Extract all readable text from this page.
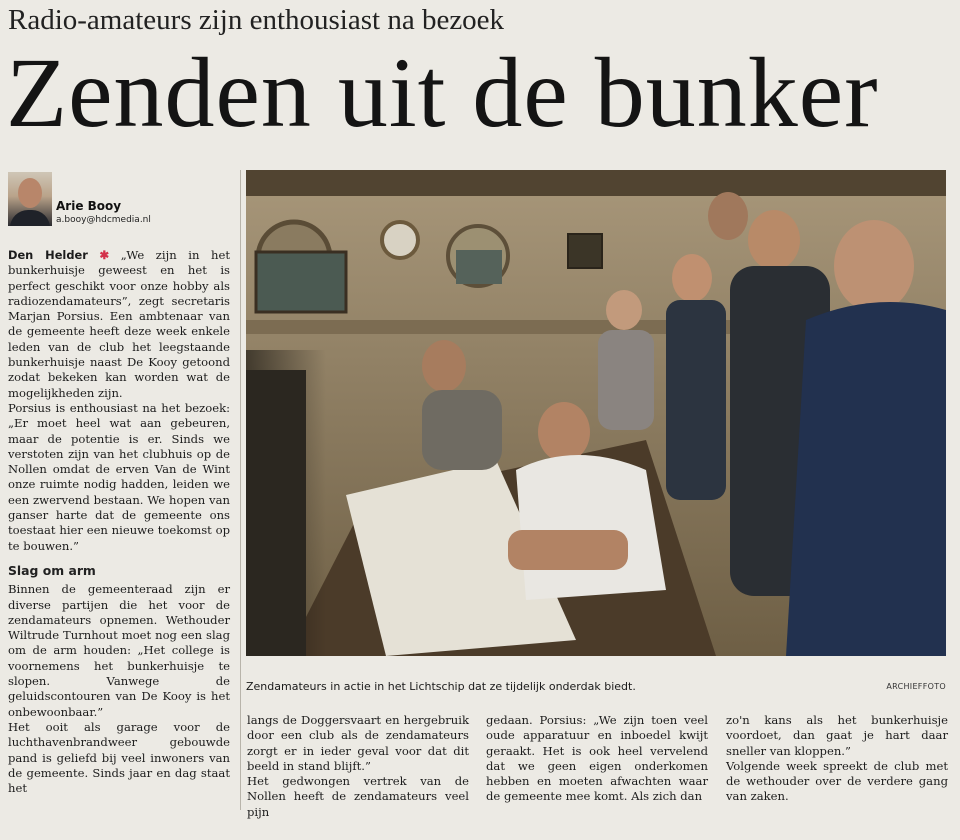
Radio-amateurs zijn enthousiast na bezoek
Zenden uit de bunker
Arie Booy
a.booy@hdcmedia.nl

Den Helder ✱ „We zijn in het bunkerhuisje geweest en het is perfect geschikt voor onze hobby als radiozendamateurs”, zegt secretaris Marjan Porsius. Een ambtenaar van de gemeente heeft deze week enkele leden van de club het leegstaande bunkerhuisje naast De Kooy getoond zodat bekeken kan worden wat de mogelijkheden zijn.

Porsius is enthousiast na het bezoek: „Er moet heel wat aan gebeuren, maar de potentie is er. Sinds we verstoten zijn van het clubhuis op de Nollen omdat de erven Van de Wint onze ruimte nodig hadden, leiden we een zwervend bestaan. We hopen van ganser harte dat de gemeente ons toestaat hier een nieuwe toekomst op te bouwen.”

Slag om arm

Binnen de gemeenteraad zijn er diverse partijen die het voor de zendamateurs opnemen. Wethouder Wiltrude Turnhout moet nog een slag om de arm houden: „Het college is voornemens het bunkerhuisje te slopen. Vanwege de geluidscontouren van De Kooy is het onbewoonbaar.”

Het ooit als garage voor de luchthavenbrandweer gebouwde pand is geliefd bij veel inwoners van de gemeente. Sinds jaar en dag staat het

Zendamateurs in actie in het Lichtschip dat ze tijdelijk onderdak biedt.	ARCHIEFFOTO

langs de Doggersvaart en hergebruik door een club als de zendamateurs zorgt er in ieder geval voor dat dit beeld in stand blijft.”

Het gedwongen vertrek van de Nollen heeft de zendamateurs veel pijn

gedaan. Porsius: „We zijn toen veel oude apparatuur en inboedel kwijt geraakt. Het is ook heel vervelend dat we geen eigen onderkomen hebben en moeten afwachten waar de gemeente mee komt. Als zich dan

zo'n kans als het bunkerhuisje voordoet, dan gaat je hart daar sneller van kloppen.”

Volgende week spreekt de club met de wethouder over de verdere gang van zaken.
